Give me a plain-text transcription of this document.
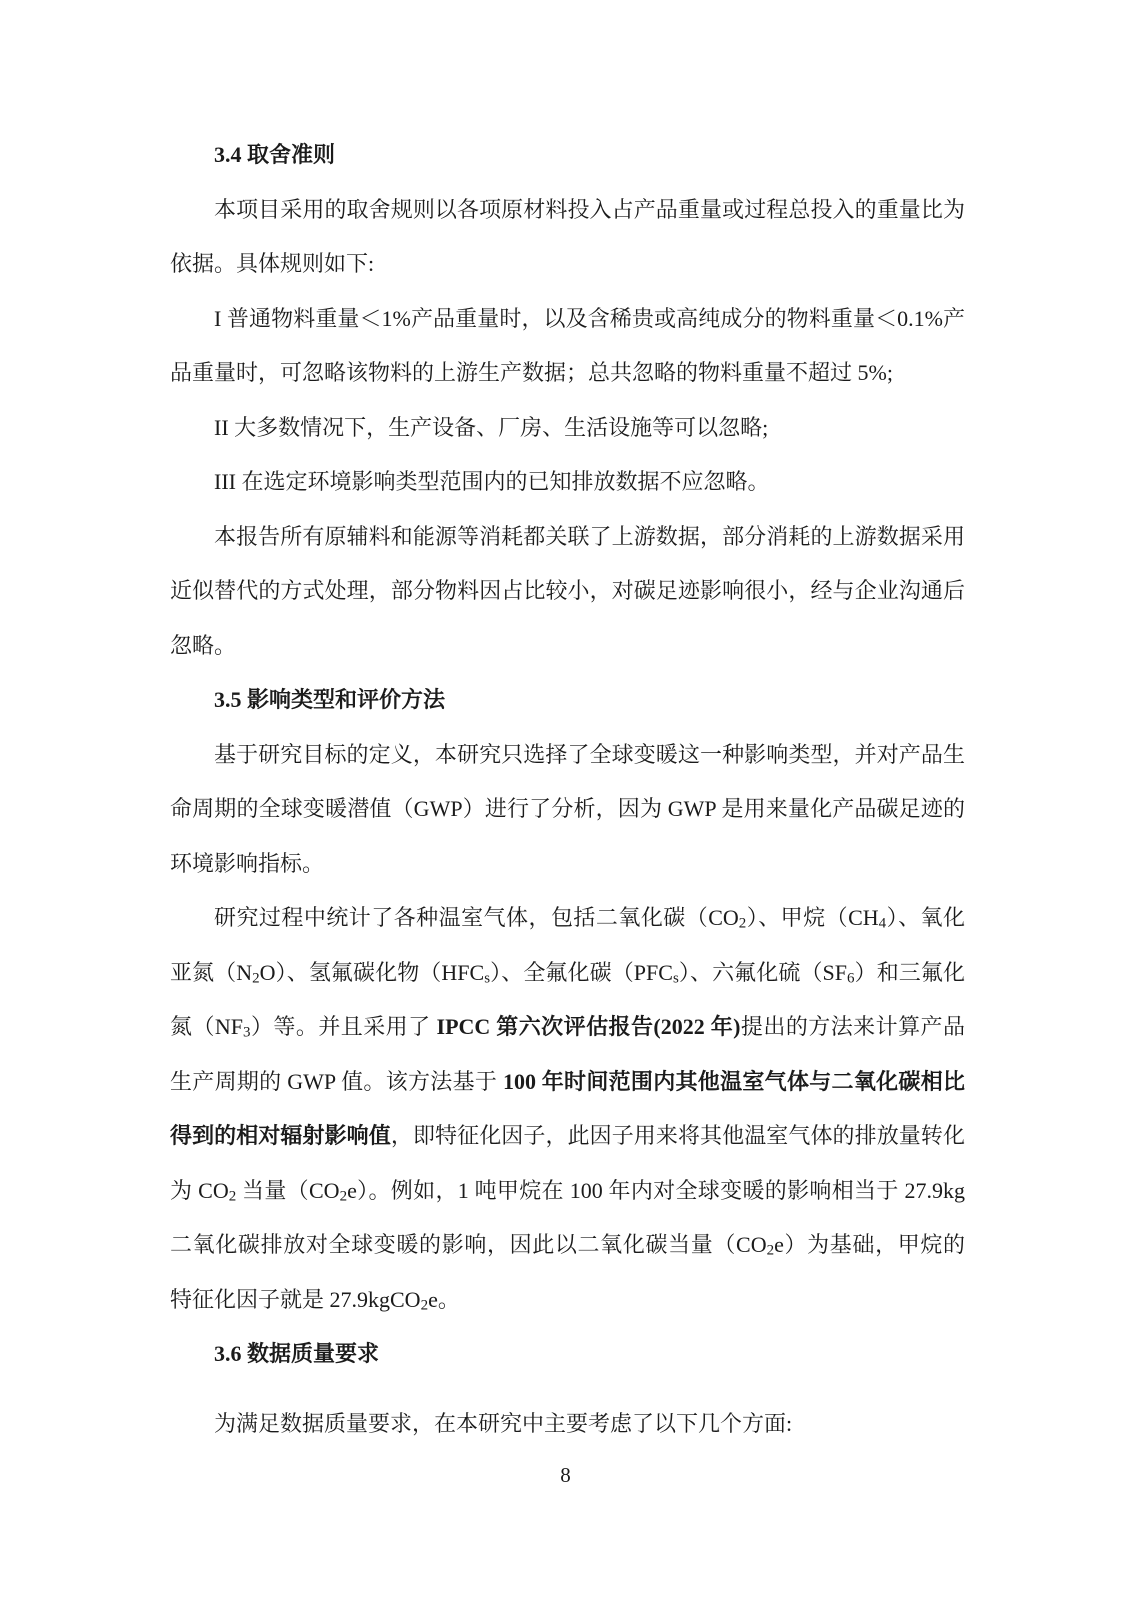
3.4 取舍准则

本项目采用的取舍规则以各项原材料投入占产品重量或过程总投入的重量比为依据。具体规则如下:

I 普通物料重量＜1%产品重量时，以及含稀贵或高纯成分的物料重量＜0.1%产品重量时，可忽略该物料的上游生产数据；总共忽略的物料重量不超过 5%;

II 大多数情况下，生产设备、厂房、生活设施等可以忽略;

III 在选定环境影响类型范围内的已知排放数据不应忽略。

本报告所有原辅料和能源等消耗都关联了上游数据，部分消耗的上游数据采用近似替代的方式处理，部分物料因占比较小，对碳足迹影响很小，经与企业沟通后忽略。

3.5 影响类型和评价方法

基于研究目标的定义，本研究只选择了全球变暖这一种影响类型，并对产品生命周期的全球变暖潜值（GWP）进行了分析，因为 GWP 是用来量化产品碳足迹的环境影响指标。

研究过程中统计了各种温室气体，包括二氧化碳$(CO_2)$、甲烷$(CH_4)$、氧化亚氮$(N_2O)$、氢氟碳化物$(HFC_s)$、全氟化碳$(PFC_s)$、六氟化硫$(SF_6)$和三氟化氮$(NF_3)$等。并且采用了 IPCC 第六次评估报告(2022 年)提出的方法来计算产品生产周期的 GWP 值。该方法基于 100 年时间范围内其他温室气体与二氧化碳相比得到的相对辐射影响值，即特征化因子，此因子用来将其他温室气体的排放量转化为 $CO_2$ 当量$(CO_2e)$。例如，1 吨甲烷在 100 年内对全球变暖的影响相当于 27.9kg 二氧化碳排放对全球变暖的影响，因此以二氧化碳当量$(CO_2e)$为基础，甲烷的特征化因子就是 27.9kgCO$_2$e。

3.6 数据质量要求

为满足数据质量要求，在本研究中主要考虑了以下几个方面:

8
